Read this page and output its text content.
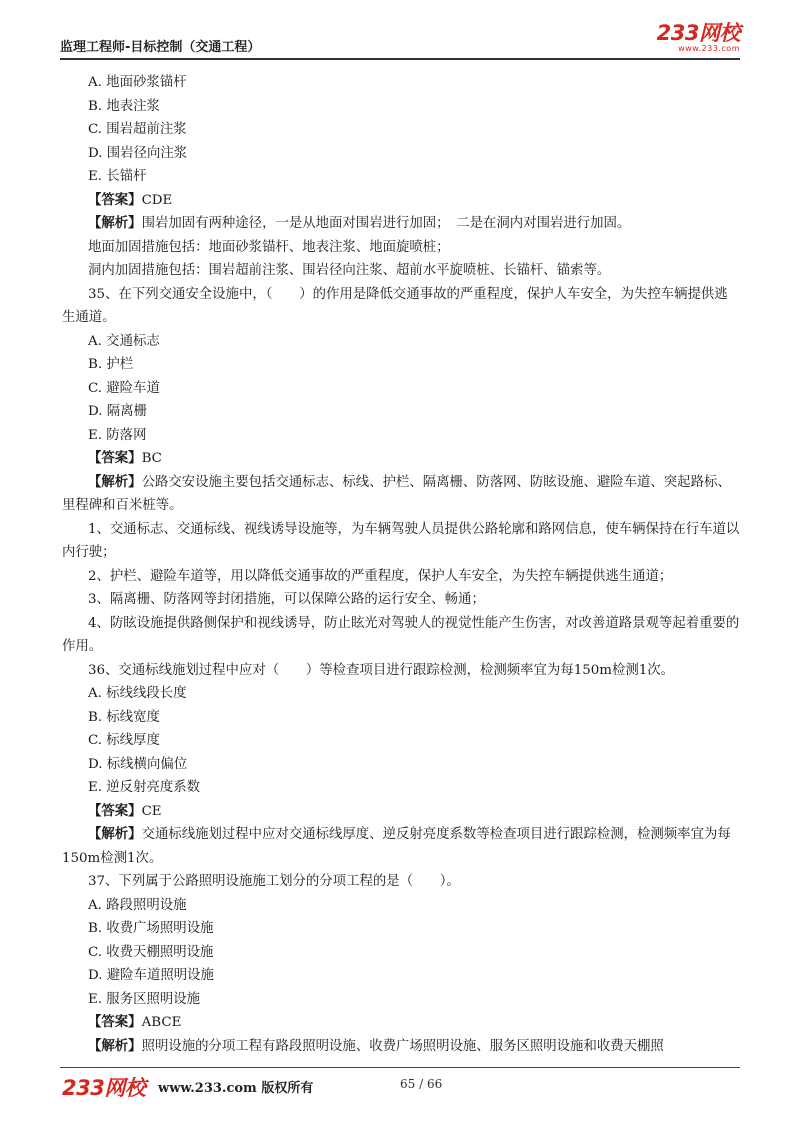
监理工程师-目标控制（交通工程）
233网校
www.233.com
A. 地面砂浆锚杆
B. 地表注浆
C. 围岩超前注浆
D. 围岩径向注浆
E. 长锚杆
【答案】CDE
【解析】围岩加固有两种途径，一是从地面对围岩进行加固；　二是在洞内对围岩进行加固。
地面加固措施包括：地面砂浆锚杆、地表注浆、地面旋喷桩；
洞内加固措施包括：围岩超前注浆、围岩径向注浆、超前水平旋喷桩、长锚杆、锚索等。
35、在下列交通安全设施中，（　　）的作用是降低交通事故的严重程度，保护人车安全，为失控车辆提供逃生通道。
A. 交通标志
B. 护栏
C. 避险车道
D. 隔离栅
E. 防落网
【答案】BC
【解析】公路交安设施主要包括交通标志、标线、护栏、隔离栅、防落网、防眩设施、避险车道、突起路标、里程碑和百米桩等。
1、交通标志、交通标线、视线诱导设施等，为车辆驾驶人员提供公路轮廓和路网信息，使车辆保持在行车道以内行驶；
2、护栏、避险车道等，用以降低交通事故的严重程度，保护人车安全，为失控车辆提供逃生通道；
3、隔离栅、防落网等封闭措施，可以保障公路的运行安全、畅通；
4、防眩设施提供路侧保护和视线诱导，防止眩光对驾驶人的视觉性能产生伤害，对改善道路景观等起着重要的作用。
36、交通标线施划过程中应对（　　）等检查项目进行跟踪检测，检测频率宜为每150m检测1次。
A. 标线线段长度
B. 标线宽度
C. 标线厚度
D. 标线横向偏位
E. 逆反射亮度系数
【答案】CE
【解析】交通标线施划过程中应对交通标线厚度、逆反射亮度系数等检查项目进行跟踪检测，检测频率宜为每150m检测1次。
37、下列属于公路照明设施施工划分的分项工程的是（　　）。
A. 路段照明设施
B. 收费广场照明设施
C. 收费天棚照明设施
D. 避险车道照明设施
E. 服务区照明设施
【答案】ABCE
【解析】照明设施的分项工程有路段照明设施、收费广场照明设施、服务区照明设施和收费天棚照
233网校 www.233.com 版权所有	65 / 66
